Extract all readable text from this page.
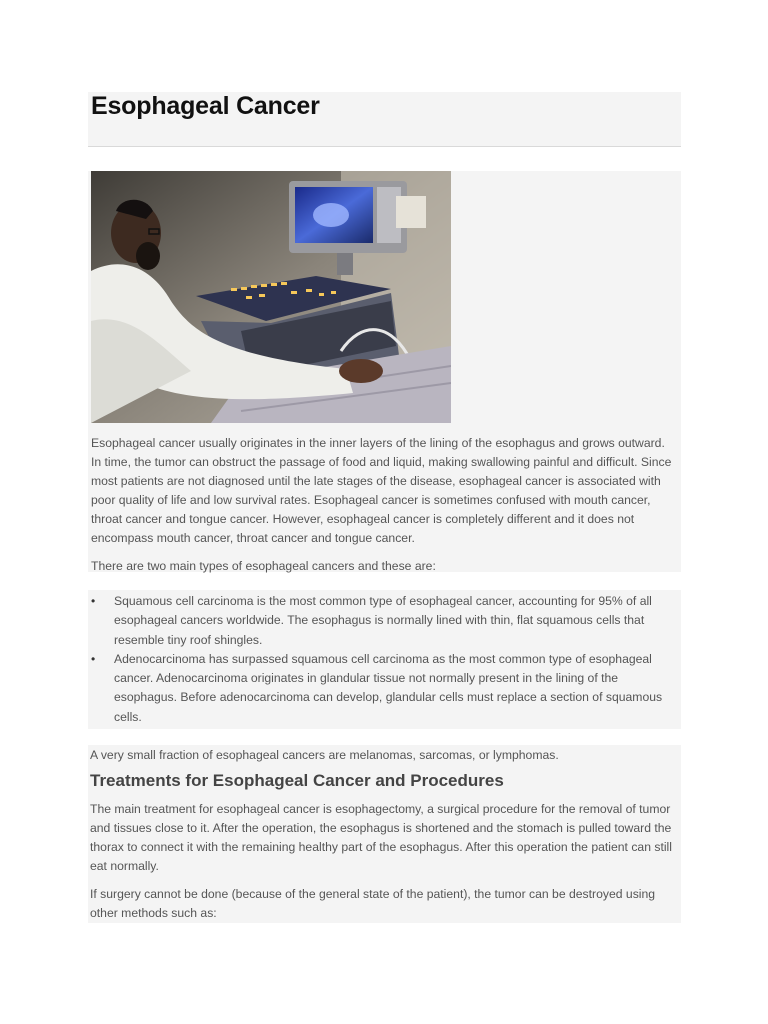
Esophageal Cancer

Esophageal cancer usually originates in the inner layers of the lining of the esophagus and grows outward. In time, the tumor can obstruct the passage of food and liquid, making swallowing painful and difficult. Since most patients are not diagnosed until the late stages of the disease, esophageal cancer is associated with poor quality of life and low survival rates. Esophageal cancer is sometimes confused with mouth cancer, throat cancer and tongue cancer. However, esophageal cancer is completely different and it does not encompass mouth cancer, throat cancer and tongue cancer.

There are two main types of esophageal cancers and these are:

• Squamous cell carcinoma is the most common type of esophageal cancer, accounting for 95% of all esophageal cancers worldwide. The esophagus is normally lined with thin, flat squamous cells that resemble tiny roof shingles.
• Adenocarcinoma has surpassed squamous cell carcinoma as the most common type of esophageal cancer. Adenocarcinoma originates in glandular tissue not normally present in the lining of the esophagus. Before adenocarcinoma can develop, glandular cells must replace a section of squamous cells.

A very small fraction of esophageal cancers are melanomas, sarcomas, or lymphomas.

Treatments for Esophageal Cancer and Procedures

The main treatment for esophageal cancer is esophagectomy, a surgical procedure for the removal of tumor and tissues close to it. After the operation, the esophagus is shortened and the stomach is pulled toward the thorax to connect it with the remaining healthy part of the esophagus. After this operation the patient can still eat normally.

If surgery cannot be done (because of the general state of the patient), the tumor can be destroyed using other methods such as:
